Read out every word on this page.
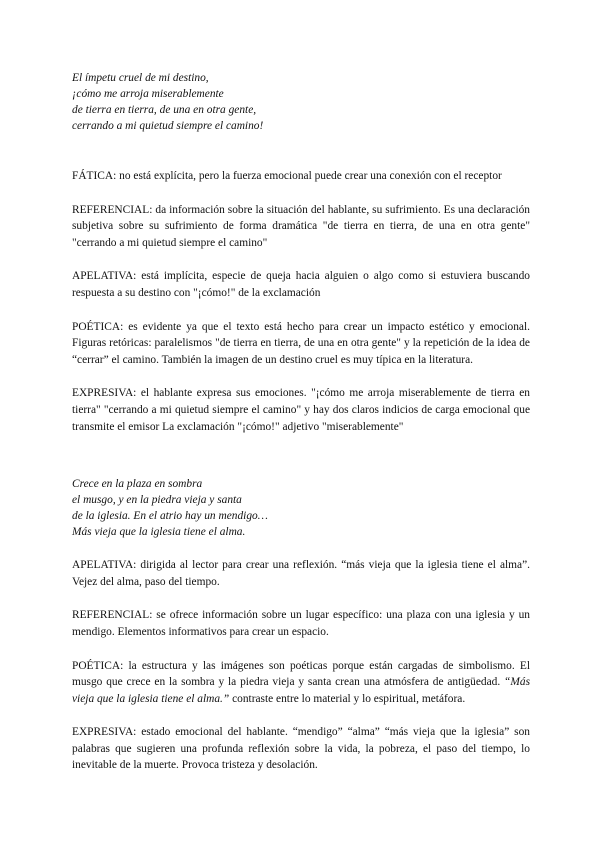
El ímpetu cruel de mi destino,
¡cómo me arroja miserablemente
de tierra en tierra, de una en otra gente,
cerrando a mi quietud siempre el camino!

FÁTICA: no está explícita, pero la fuerza emocional puede crear una conexión con el receptor

REFERENCIAL: da información sobre la situación del hablante, su sufrimiento. Es una declaración subjetiva sobre su sufrimiento de forma dramática "de tierra en tierra, de una en otra gente" "cerrando a mi quietud siempre el camino"

APELATIVA: está implícita, especie de queja hacia alguien o algo como si estuviera buscando respuesta a su destino con "¡cómo!" de la exclamación

POÉTICA: es evidente ya que el texto está hecho para crear un impacto estético y emocional. Figuras retóricas: paralelismos "de tierra en tierra, de una en otra gente" y la repetición de la idea de “cerrar” el camino. También la imagen de un destino cruel es muy típica en la literatura.

EXPRESIVA: el hablante expresa sus emociones. "¡cómo me arroja miserablemente de tierra en tierra" "cerrando a mi quietud siempre el camino" y hay dos claros indicios de carga emocional que transmite el emisor La exclamación "¡cómo!" adjetivo "miserablemente"

Crece en la plaza en sombra
el musgo, y en la piedra vieja y santa
de la iglesia. En el atrio hay un mendigo…
Más vieja que la iglesia tiene el alma.

APELATIVA: dirigida al lector para crear una reflexión. “más vieja que la iglesia tiene el alma”. Vejez del alma, paso del tiempo.

REFERENCIAL: se ofrece información sobre un lugar específico: una plaza con una iglesia y un mendigo. Elementos informativos para crear un espacio.

POÉTICA: la estructura y las imágenes son poéticas porque están cargadas de simbolismo. El musgo que crece en la sombra y la piedra vieja y santa crean una atmósfera de antigüedad. “Más vieja que la iglesia tiene el alma.” contraste entre lo material y lo espiritual, metáfora.

EXPRESIVA: estado emocional del hablante. “mendigo” “alma” “más vieja que la iglesia” son palabras que sugieren una profunda reflexión sobre la vida, la pobreza, el paso del tiempo, lo inevitable de la muerte. Provoca tristeza y desolación.
